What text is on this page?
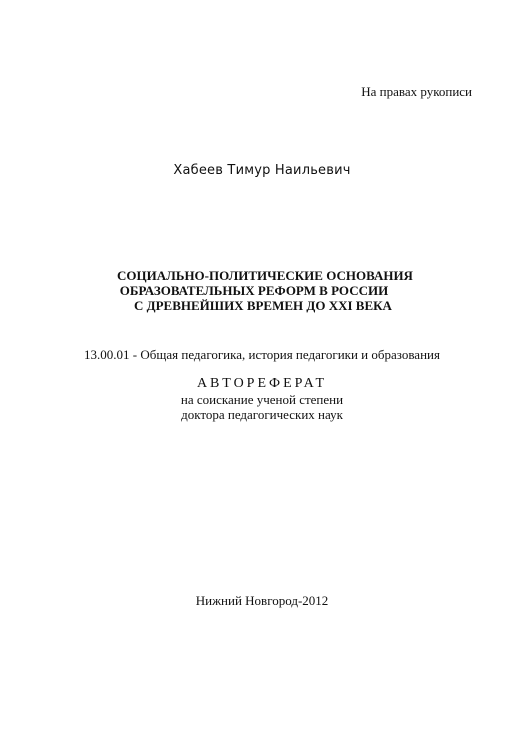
На правах рукописи
Хабеев Тимур Наильевич
СОЦИАЛЬНО-ПОЛИТИЧЕСКИЕ ОСНОВАНИЯ
ОБРАЗОВАТЕЛЬНЫХ РЕФОРМ В РОССИИ
С ДРЕВНЕЙШИХ ВРЕМЕН ДО XXI ВЕКА
13.00.01 - Общая педагогика, история педагогики и образования
АВТОРЕФЕРАТ
на соискание ученой степени
доктора педагогических наук
Нижний Новгород-2012
